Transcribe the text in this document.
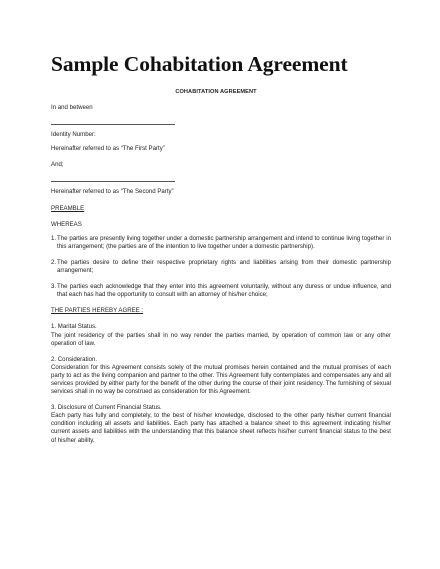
Sample Cohabitation Agreement
COHABITATION AGREEMENT

In and between

Identity Number:

Hereinafter referred to as “The First Party”

And;

Hereinafter referred to as “The Second Party”

PREAMBLE

WHEREAS

1. The parties are presently living together under a domestic partnership arrangement and intend to continue living together in this arrangement; (the parties are of the intention to live together under a domestic partnership).
2. The parties desire to define their respective proprietary rights and liabilities arising from their domestic partnership arrangement;
3. The parties each acknowledge that they enter into this agreement voluntarily, without any duress or undue influence, and that each has had the opportunity to consult with an attorney of his/her choice;

THE PARTIES HEREBY AGREE :

1. Marital Status.

The joint residency of the parties shall in no way render the parties married, by operation of common law or any other operation of law.

2. Consideration.

Consideration for this Agreement consists solely of the mutual promises herein contained and the mutual promises of each party to act as the living companion and partner to the other. This Agreement fully contemplates and compensates any and all services provided by either party for the benefit of the other during the course of their joint residency. The furnishing of sexual services shall in no way be construed as consideration for this Agreement.

3. Disclosure of Current Financial Status.

Each party has fully and completely, to the best of his/her knowledge, disclosed to the other party his/her current financial condition including all assets and liabilities. Each party has attached a balance sheet to this agreement indicating his/her current assets and liabilities with the understanding that this balance sheet reflects his/her current financial status to the best of his/her ability.
